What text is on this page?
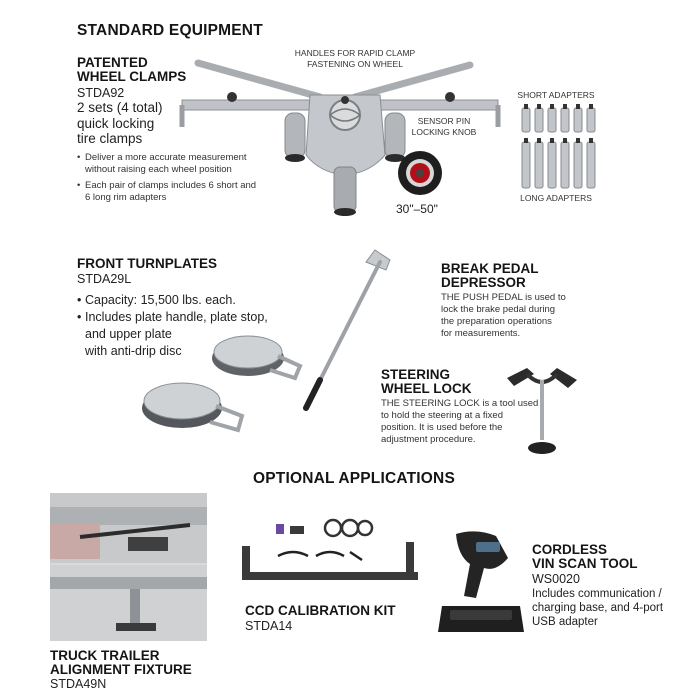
STANDARD EQUIPMENT
PATENTED
WHEEL CLAMPS
STDA92
2 sets (4 total)
quick locking
tire clamps
• Deliver a more accurate measurement
without raising each wheel position
• Each pair of clamps includes 6 short and
6 long rim adapters
HANDLES FOR RAPID CLAMP
FASTENING ON WHEEL
SENSOR PIN
LOCKING KNOB
SHORT ADAPTERS
LONG ADAPTERS
30"–50"
FRONT TURNPLATES
STDA29L
• Capacity: 15,500 lbs. each.
• Includes plate handle, plate stop,
and upper plate
with anti-drip disc
BREAK PEDAL
DEPRESSOR
THE PUSH PEDAL is used to
lock the brake pedal during
the preparation operations
for measurements.
STEERING
WHEEL LOCK
THE STEERING LOCK is a tool used
to hold the steering at a fixed
position. It is used before the
adjustment procedure.
OPTIONAL APPLICATIONS
TRUCK TRAILER
ALIGNMENT FIXTURE
STDA49N
CCD CALIBRATION KIT
STDA14
CORDLESS
VIN SCAN TOOL
WS0020
Includes communication /
charging base, and 4-port
USB adapter
